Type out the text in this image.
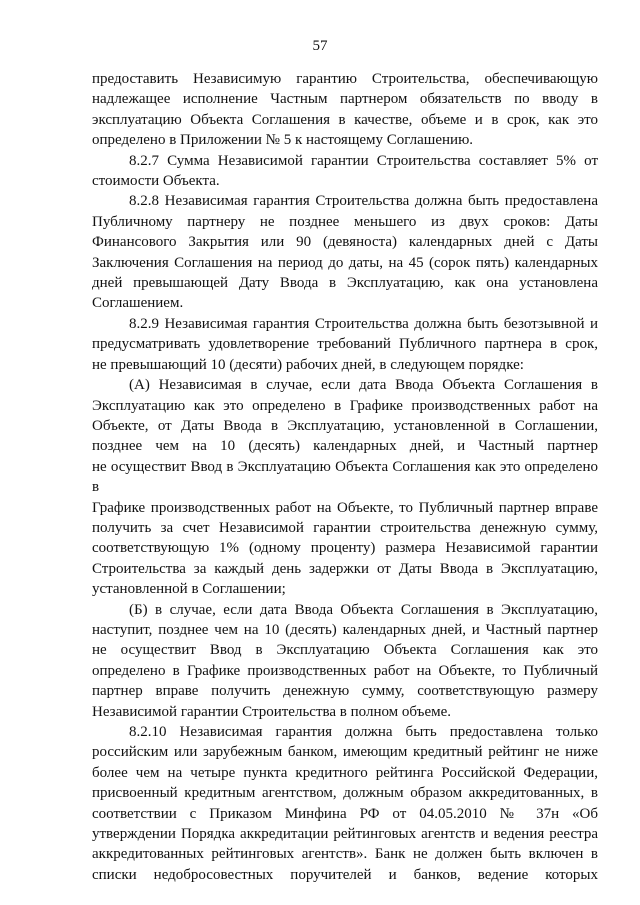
57

предоставить Независимую гарантию Строительства, обеспечивающую

надлежащее исполнение Частным партнером обязательств по вводу в

эксплуатацию Объекта Соглашения в качестве, объеме и в срок, как это

определено в Приложении № 5 к настоящему Соглашению.

8.2.7 Сумма Независимой гарантии Строительства составляет 5% от

стоимости Объекта.

8.2.8 Независимая гарантия Строительства должна быть предоставлена

Публичному партнеру не позднее меньшего из двух сроков: Даты

Финансового Закрытия или 90 (девяноста) календарных дней с Даты

Заключения Соглашения на период до даты, на 45 (сорок пять) календарных

дней превышающей Дату Ввода в Эксплуатацию, как она установлена

Соглашением.

8.2.9 Независимая гарантия Строительства должна быть безотзывной и

предусматривать удовлетворение требований Публичного партнера в срок,

не превышающий 10 (десяти) рабочих дней, в следующем порядке:

(А) Независимая в случае, если дата Ввода Объекта Соглашения в

Эксплуатацию как это определено в Графике производственных работ на

Объекте, от Даты Ввода в Эксплуатацию, установленной в Соглашении,

позднее чем на 10 (десять) календарных дней, и Частный партнер

не осуществит Ввод в Эксплуатацию Объекта Соглашения как это определено в

Графике производственных работ на Объекте, то Публичный партнер вправе

получить за счет Независимой гарантии строительства денежную сумму,

соответствующую 1% (одному проценту) размера Независимой гарантии

Строительства за каждый день задержки от Даты Ввода в Эксплуатацию,

установленной в Соглашении;

(Б) в случае, если дата Ввода Объекта Соглашения в Эксплуатацию,

наступит, позднее чем на 10 (десять) календарных дней, и Частный партнер

не осуществит Ввод в Эксплуатацию Объекта Соглашения как это

определено в Графике производственных работ на Объекте, то Публичный

партнер вправе получить денежную сумму, соответствующую размеру

Независимой гарантии Строительства в полном объеме.

8.2.10 Независимая гарантия должна быть предоставлена только

российским или зарубежным банком, имеющим кредитный рейтинг не ниже

более чем на четыре пункта кредитного рейтинга Российской Федерации,

присвоенный кредитным агентством, должным образом аккредитованных, в

соответствии с Приказом Минфина РФ от 04.05.2010 № 37н «Об

утверждении Порядка аккредитации рейтинговых агентств и ведения реестра

аккредитованных рейтинговых агентств». Банк не должен быть включен в

списки недобросовестных поручителей и банков, ведение которых
